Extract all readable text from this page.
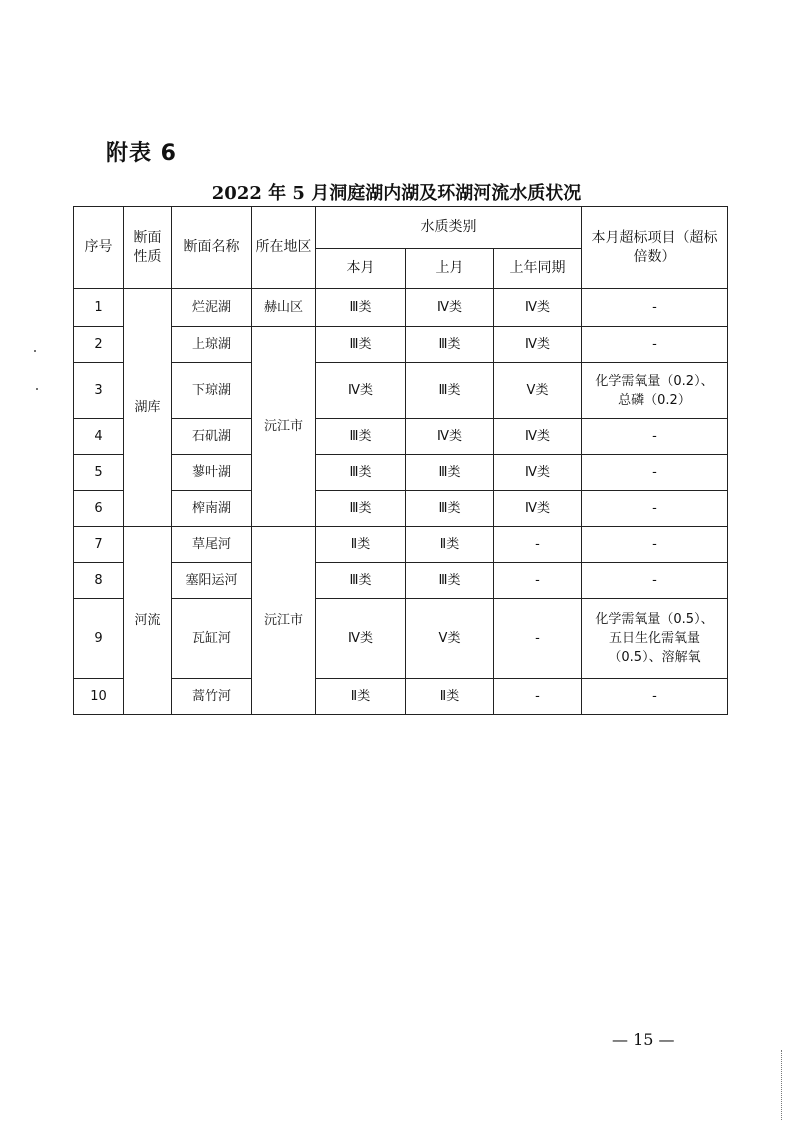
附表 6
2022 年 5 月洞庭湖内湖及环湖河流水质状况
序号	断面性质	断面名称	所在地区	水质类别			本月超标项目（超标倍数）
				本月	上月	上年同期	
1	湖库	烂泥湖	赫山区	Ⅲ类	Ⅳ类	Ⅳ类	-
2		上琼湖	沅江市	Ⅲ类	Ⅲ类	Ⅳ类	-
3		下琼湖		Ⅳ类	Ⅲ类	Ⅴ类	化学需氧量（0.2）、
总磷（0.2）

4		石矶湖		Ⅲ类	Ⅳ类	Ⅳ类	-
5		蓼叶湖		Ⅲ类	Ⅲ类	Ⅳ类	-
6		榨南湖		Ⅲ类	Ⅲ类	Ⅳ类	-
7	河流	草尾河	沅江市	Ⅱ类	Ⅱ类	-	-
8		塞阳运河		Ⅲ类	Ⅲ类	-	-
9		瓦缸河		Ⅳ类	Ⅴ类	-	化学需氧量（0.5）、
五日生化需氧量
（0.5）、溶解氧

10		蒿竹河		Ⅱ类	Ⅱ类	-	-
— 15 —
